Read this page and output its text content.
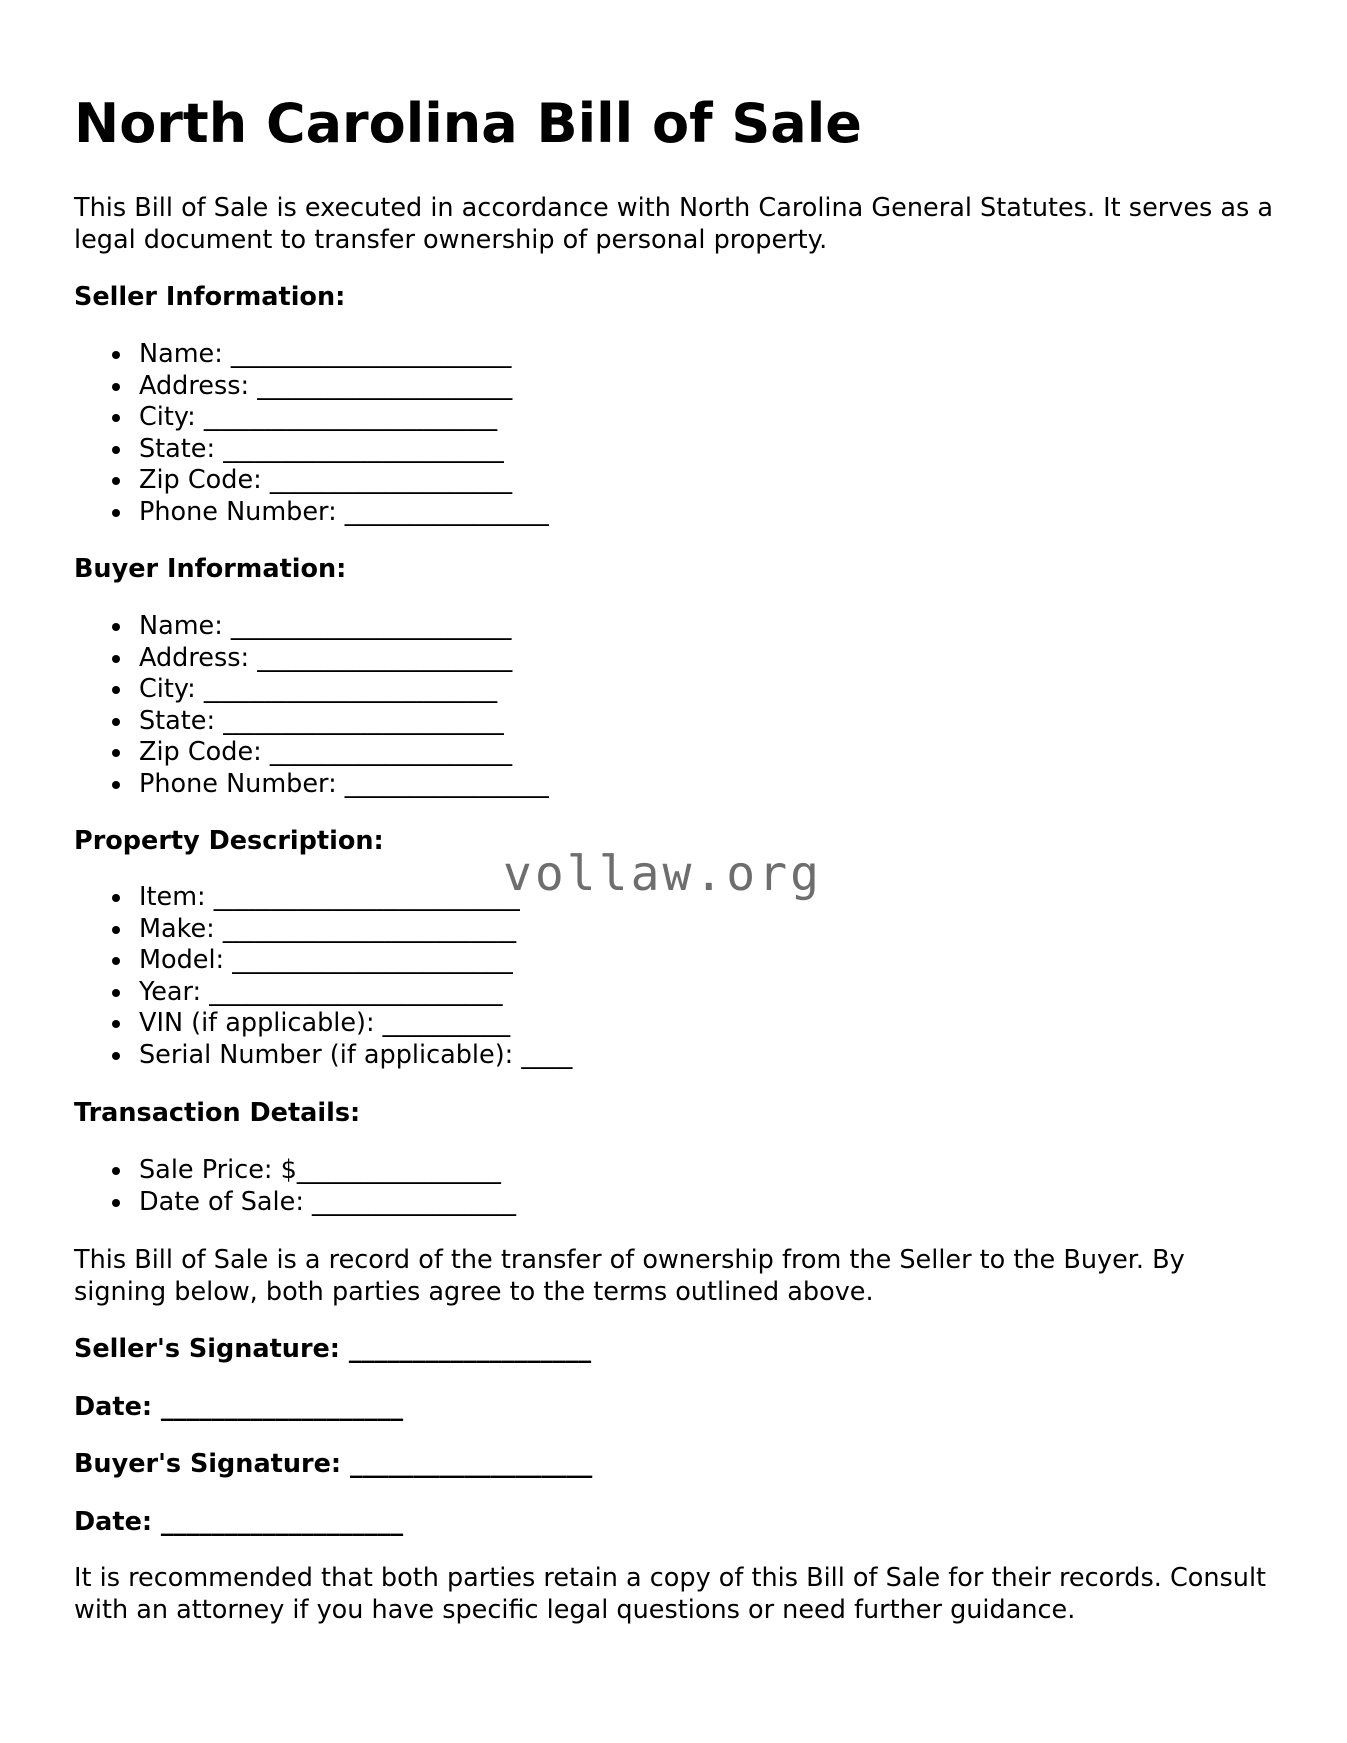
North Carolina Bill of Sale

This Bill of Sale is executed in accordance with North Carolina General Statutes. It serves as a legal document to transfer ownership of personal property.

Seller Information:

Name: ______________________
Address: ____________________
City: _______________________
State: ______________________
Zip Code: ___________________
Phone Number: ________________

Buyer Information:

Name: ______________________
Address: ____________________
City: _______________________
State: ______________________
Zip Code: ___________________
Phone Number: ________________

Property Description:

Item: ________________________
Make: _______________________
Model: ______________________
Year: _______________________
VIN (if applicable): __________
Serial Number (if applicable): ____

Transaction Details:

Sale Price: $________________
Date of Sale: ________________

This Bill of Sale is a record of the transfer of ownership from the Seller to the Buyer. By signing below, both parties agree to the terms outlined above.

Seller's Signature: ___________________

Date: ___________________

Buyer's Signature: ___________________

Date: ___________________

It is recommended that both parties retain a copy of this Bill of Sale for their records. Consult with an attorney if you have specific legal questions or need further guidance.

vollaw.org
